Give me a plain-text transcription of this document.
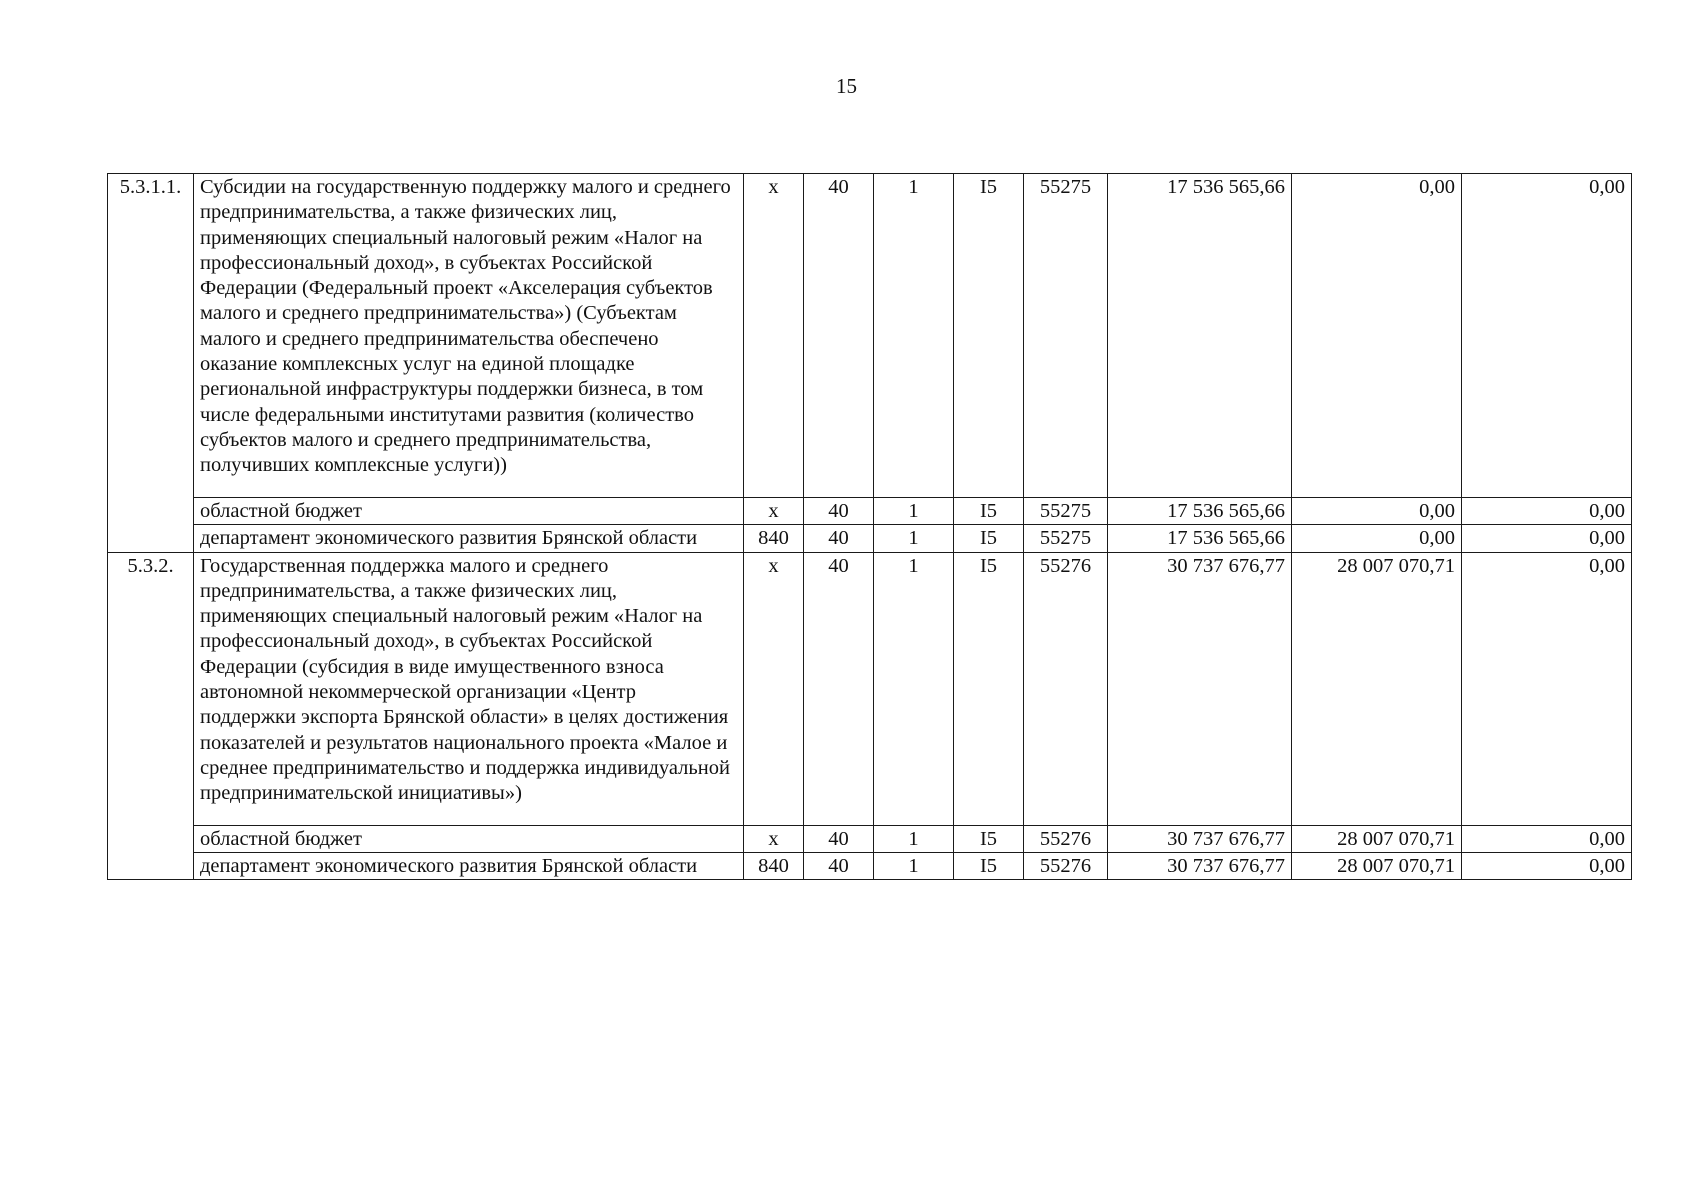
15
5.3.1.1.	Субсидии на государственную поддержку малого и среднего предпринимательства, а также физических лиц, применяющих специальный налоговый режим «Налог на профессиональный доход», в субъектах Российской Федерации (Федеральный проект «Акселерация субъектов малого и среднего предпринимательства») (Субъектам малого и среднего предпринимательства обеспечено оказание комплексных услуг на единой площадке региональной инфраструктуры поддержки бизнеса, в том числе федеральными институтами развития (количество субъектов малого и среднего предпринимательства, получивших комплексные услуги))	х	40	1	I5	55275	17 536 565,66	0,00	0,00
	областной бюджет	х	40	1	I5	55275	17 536 565,66	0,00	0,00
	департамент экономического развития Брянской области	840	40	1	I5	55275	17 536 565,66	0,00	0,00
5.3.2.	Государственная поддержка малого и среднего предпринимательства, а также физических лиц, применяющих специальный налоговый режим «Налог на профессиональный доход», в субъектах Российской Федерации (субсидия в виде имущественного взноса автономной некоммерческой организации «Центр поддержки экспорта Брянской области» в целях достижения показателей и результатов национального проекта «Малое и среднее предпринимательство и поддержка индивидуальной предпринимательской инициативы»)	х	40	1	I5	55276	30 737 676,77	28 007 070,71	0,00
	областной бюджет	х	40	1	I5	55276	30 737 676,77	28 007 070,71	0,00
	департамент экономического развития Брянской области	840	40	1	I5	55276	30 737 676,77	28 007 070,71	0,00
